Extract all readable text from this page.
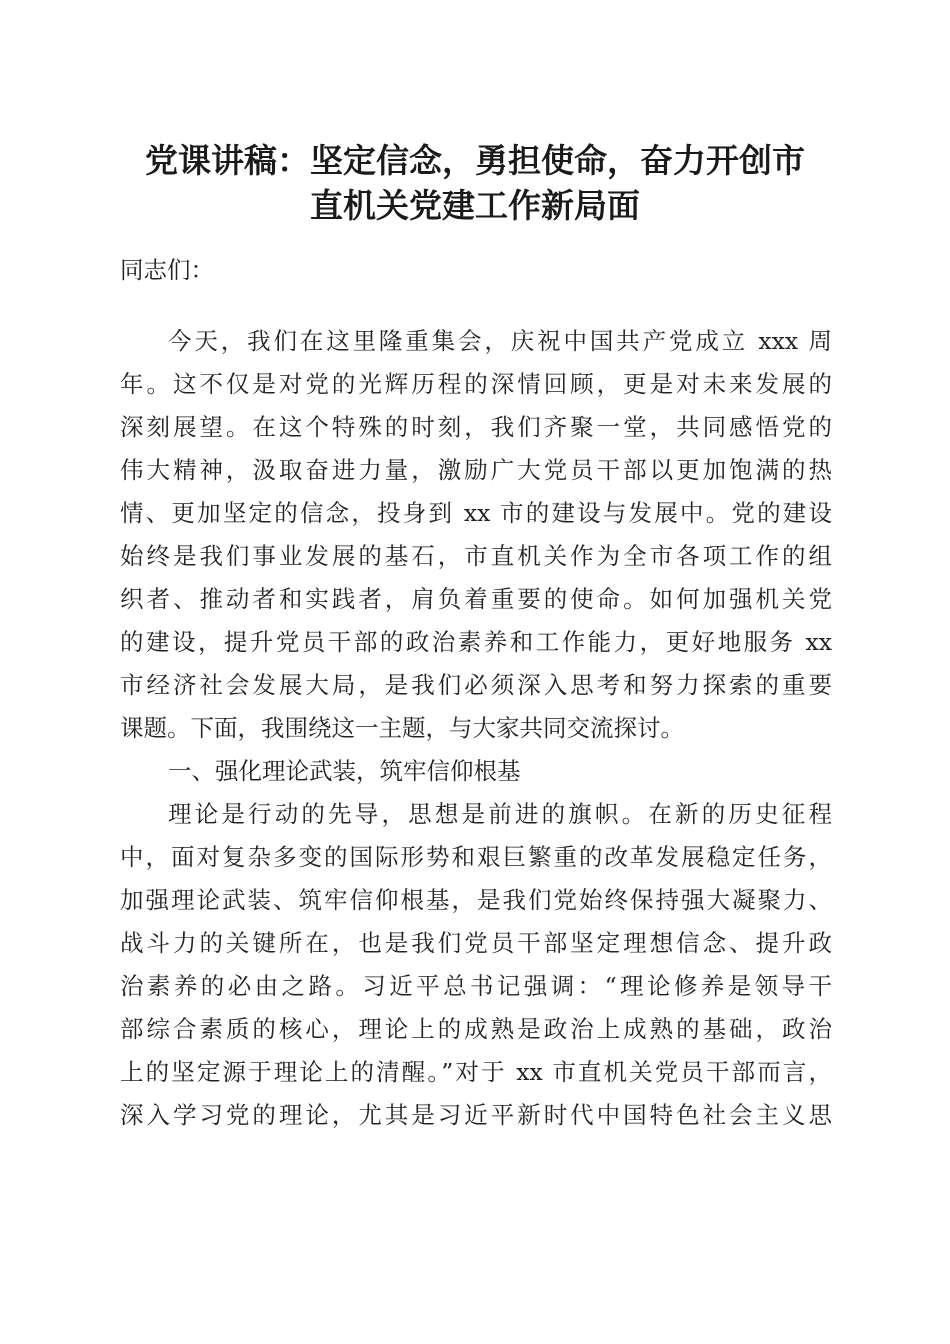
党课讲稿：坚定信念，勇担使命，奋力开创市
直机关党建工作新局面
同志们：
今天，我们在这里隆重集会，庆祝中国共产党成立 xxx 周
年。这不仅是对党的光辉历程的深情回顾，更是对未来发展的
深刻展望。在这个特殊的时刻，我们齐聚一堂，共同感悟党的
伟大精神，汲取奋进力量，激励广大党员干部以更加饱满的热
情、更加坚定的信念，投身到 xx 市的建设与发展中。党的建设
始终是我们事业发展的基石，市直机关作为全市各项工作的组
织者、推动者和实践者，肩负着重要的使命。如何加强机关党
的建设，提升党员干部的政治素养和工作能力，更好地服务 xx
市经济社会发展大局，是我们必须深入思考和努力探索的重要
课题。下面，我围绕这一主题，与大家共同交流探讨。
一、强化理论武装，筑牢信仰根基
理论是行动的先导，思想是前进的旗帜。在新的历史征程
中，面对复杂多变的国际形势和艰巨繁重的改革发展稳定任务，
加强理论武装、筑牢信仰根基，是我们党始终保持强大凝聚力、
战斗力的关键所在，也是我们党员干部坚定理想信念、提升政
治素养的必由之路。习近平总书记强调：“理论修养是领导干
部综合素质的核心，理论上的成熟是政治上成熟的基础，政治
上的坚定源于理论上的清醒。”对于 xx 市直机关党员干部而言，
深入学习党的理论，尤其是习近平新时代中国特色社会主义思
